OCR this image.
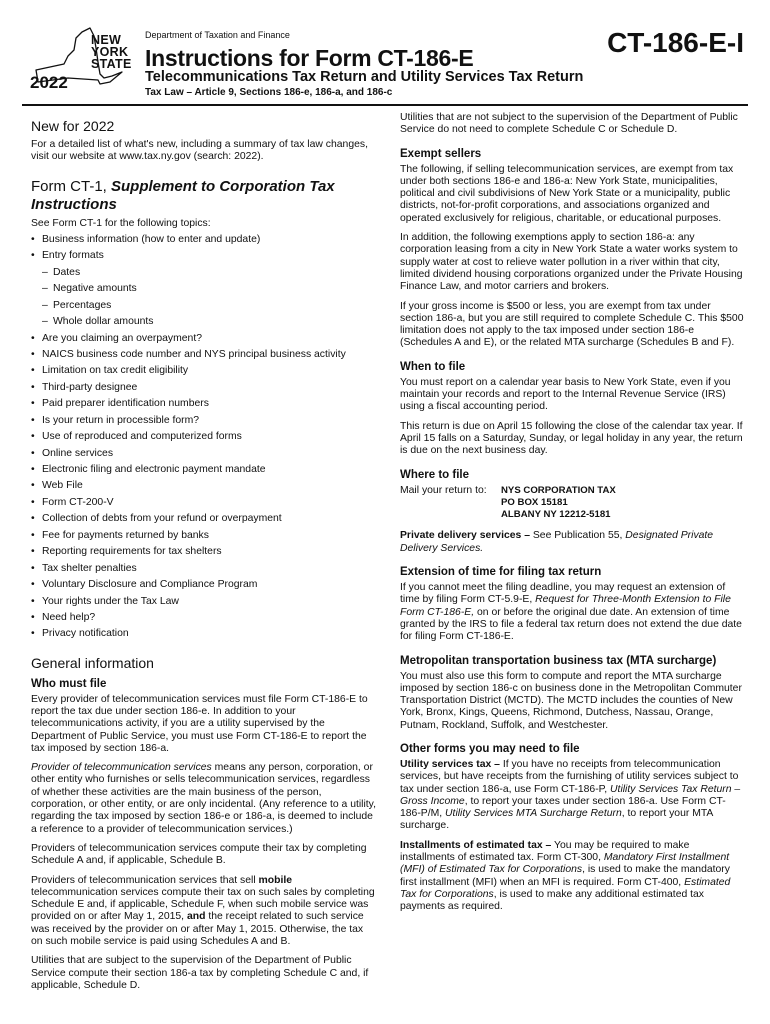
NEW
YORK
STATE
2022
Department of Taxation and Finance
Instructions for Form CT-186-E	CT-186-E-I
Telecommunications Tax Return and Utility Services Tax Return
Tax Law – Article 9, Sections 186-e, 186-a, and 186-c
New for 2022

For a detailed list of what's new, including a summary of tax law changes, visit our website at www.tax.ny.gov (search: 2022).

Form CT-1, Supplement to Corporation Tax Instructions

See Form CT-1 for the following topics:

• Business information (how to enter and update)
• Entry formats
– Dates
– Negative amounts
– Percentages
– Whole dollar amounts
• Are you claiming an overpayment?
• NAICS business code number and NYS principal business activity
• Limitation on tax credit eligibility
• Third-party designee
• Paid preparer identification numbers
• Is your return in processible form?
• Use of reproduced and computerized forms
• Online services
• Electronic filing and electronic payment mandate
• Web File
• Form CT-200-V
• Collection of debts from your refund or overpayment
• Fee for payments returned by banks
• Reporting requirements for tax shelters
• Tax shelter penalties
• Voluntary Disclosure and Compliance Program
• Your rights under the Tax Law
• Need help?
• Privacy notification
General information
Who must file

Every provider of telecommunication services must file Form CT-186-E to report the tax due under section 186-e. In addition to your telecommunications activity, if you are a utility supervised by the Department of Public Service, you must use Form CT-186-E to report the tax imposed by section 186-a.

Provider of telecommunication services means any person, corporation, or other entity who furnishes or sells telecommunication services, regardless of whether these activities are the main business of the person, corporation, or other entity, or are only incidental. (Any reference to a utility, regarding the tax imposed by section 186-e or 186-a, is deemed to include a reference to a provider of telecommunication services.)

Providers of telecommunication services compute their tax by completing Schedule A and, if applicable, Schedule B.

Providers of telecommunication services that sell mobile telecommunication services compute their tax on such sales by completing Schedule E and, if applicable, Schedule F, when such mobile service was provided on or after May 1, 2015, and the receipt related to such service was received by the provider on or after May 1, 2015. Otherwise, the tax on such mobile service is paid using Schedules A and B.

Utilities that are subject to the supervision of the Department of Public Service compute their section 186-a tax by completing Schedule C and, if applicable, Schedule D.

Utilities that are not subject to the supervision of the Department of Public Service do not need to complete Schedule C or Schedule D.

Exempt sellers

The following, if selling telecommunication services, are exempt from tax under both sections 186-e and 186-a: New York State, municipalities, political and civil subdivisions of New York State or a municipality, public districts, not-for-profit corporations, and associations organized and operated exclusively for religious, charitable, or educational purposes.

In addition, the following exemptions apply to section 186-a: any corporation leasing from a city in New York State a water works system to supply water at cost to relieve water pollution in a river within that city, limited dividend housing corporations organized under the Private Housing Finance Law, and motor carriers and brokers.

If your gross income is $500 or less, you are exempt from tax under section 186-a, but you are still required to complete Schedule C. This $500 limitation does not apply to the tax imposed under section 186-e (Schedules A and E), or the related MTA surcharge (Schedules B and F).

When to file

You must report on a calendar year basis to New York State, even if you maintain your records and report to the Internal Revenue Service (IRS) using a fiscal accounting period.

This return is due on April 15 following the close of the calendar tax year. If April 15 falls on a Saturday, Sunday, or legal holiday in any year, the return is due on the next business day.

Where to file
Mail your return to:	NYS CORPORATION TAX
PO BOX 15181
ALBANY NY 12212-5181

Private delivery services – See Publication 55, Designated Private Delivery Services.

Extension of time for filing tax return

If you cannot meet the filing deadline, you may request an extension of time by filing Form CT-5.9-E, Request for Three-Month Extension to File Form CT-186-E, on or before the original due date. An extension of time granted by the IRS to file a federal tax return does not extend the due date for filing Form CT-186-E.

Metropolitan transportation business tax (MTA surcharge)

You must also use this form to compute and report the MTA surcharge imposed by section 186-c on business done in the Metropolitan Commuter Transportation District (MCTD). The MCTD includes the counties of New York, Bronx, Kings, Queens, Richmond, Dutchess, Nassau, Orange, Putnam, Rockland, Suffolk, and Westchester.

Other forms you may need to file

Utility services tax – If you have no receipts from telecommunication services, but have receipts from the furnishing of utility services subject to tax under section 186-a, use Form CT-186-P, Utility Services Tax Return – Gross Income, to report your taxes under section 186-a. Use Form CT-186-P/M, Utility Services MTA Surcharge Return, to report your MTA surcharge.

Installments of estimated tax – You may be required to make installments of estimated tax. Form CT-300, Mandatory First Installment (MFI) of Estimated Tax for Corporations, is used to make the mandatory first installment (MFI) when an MFI is required. Form CT-400, Estimated Tax for Corporations, is used to make any additional estimated tax payments as required.
